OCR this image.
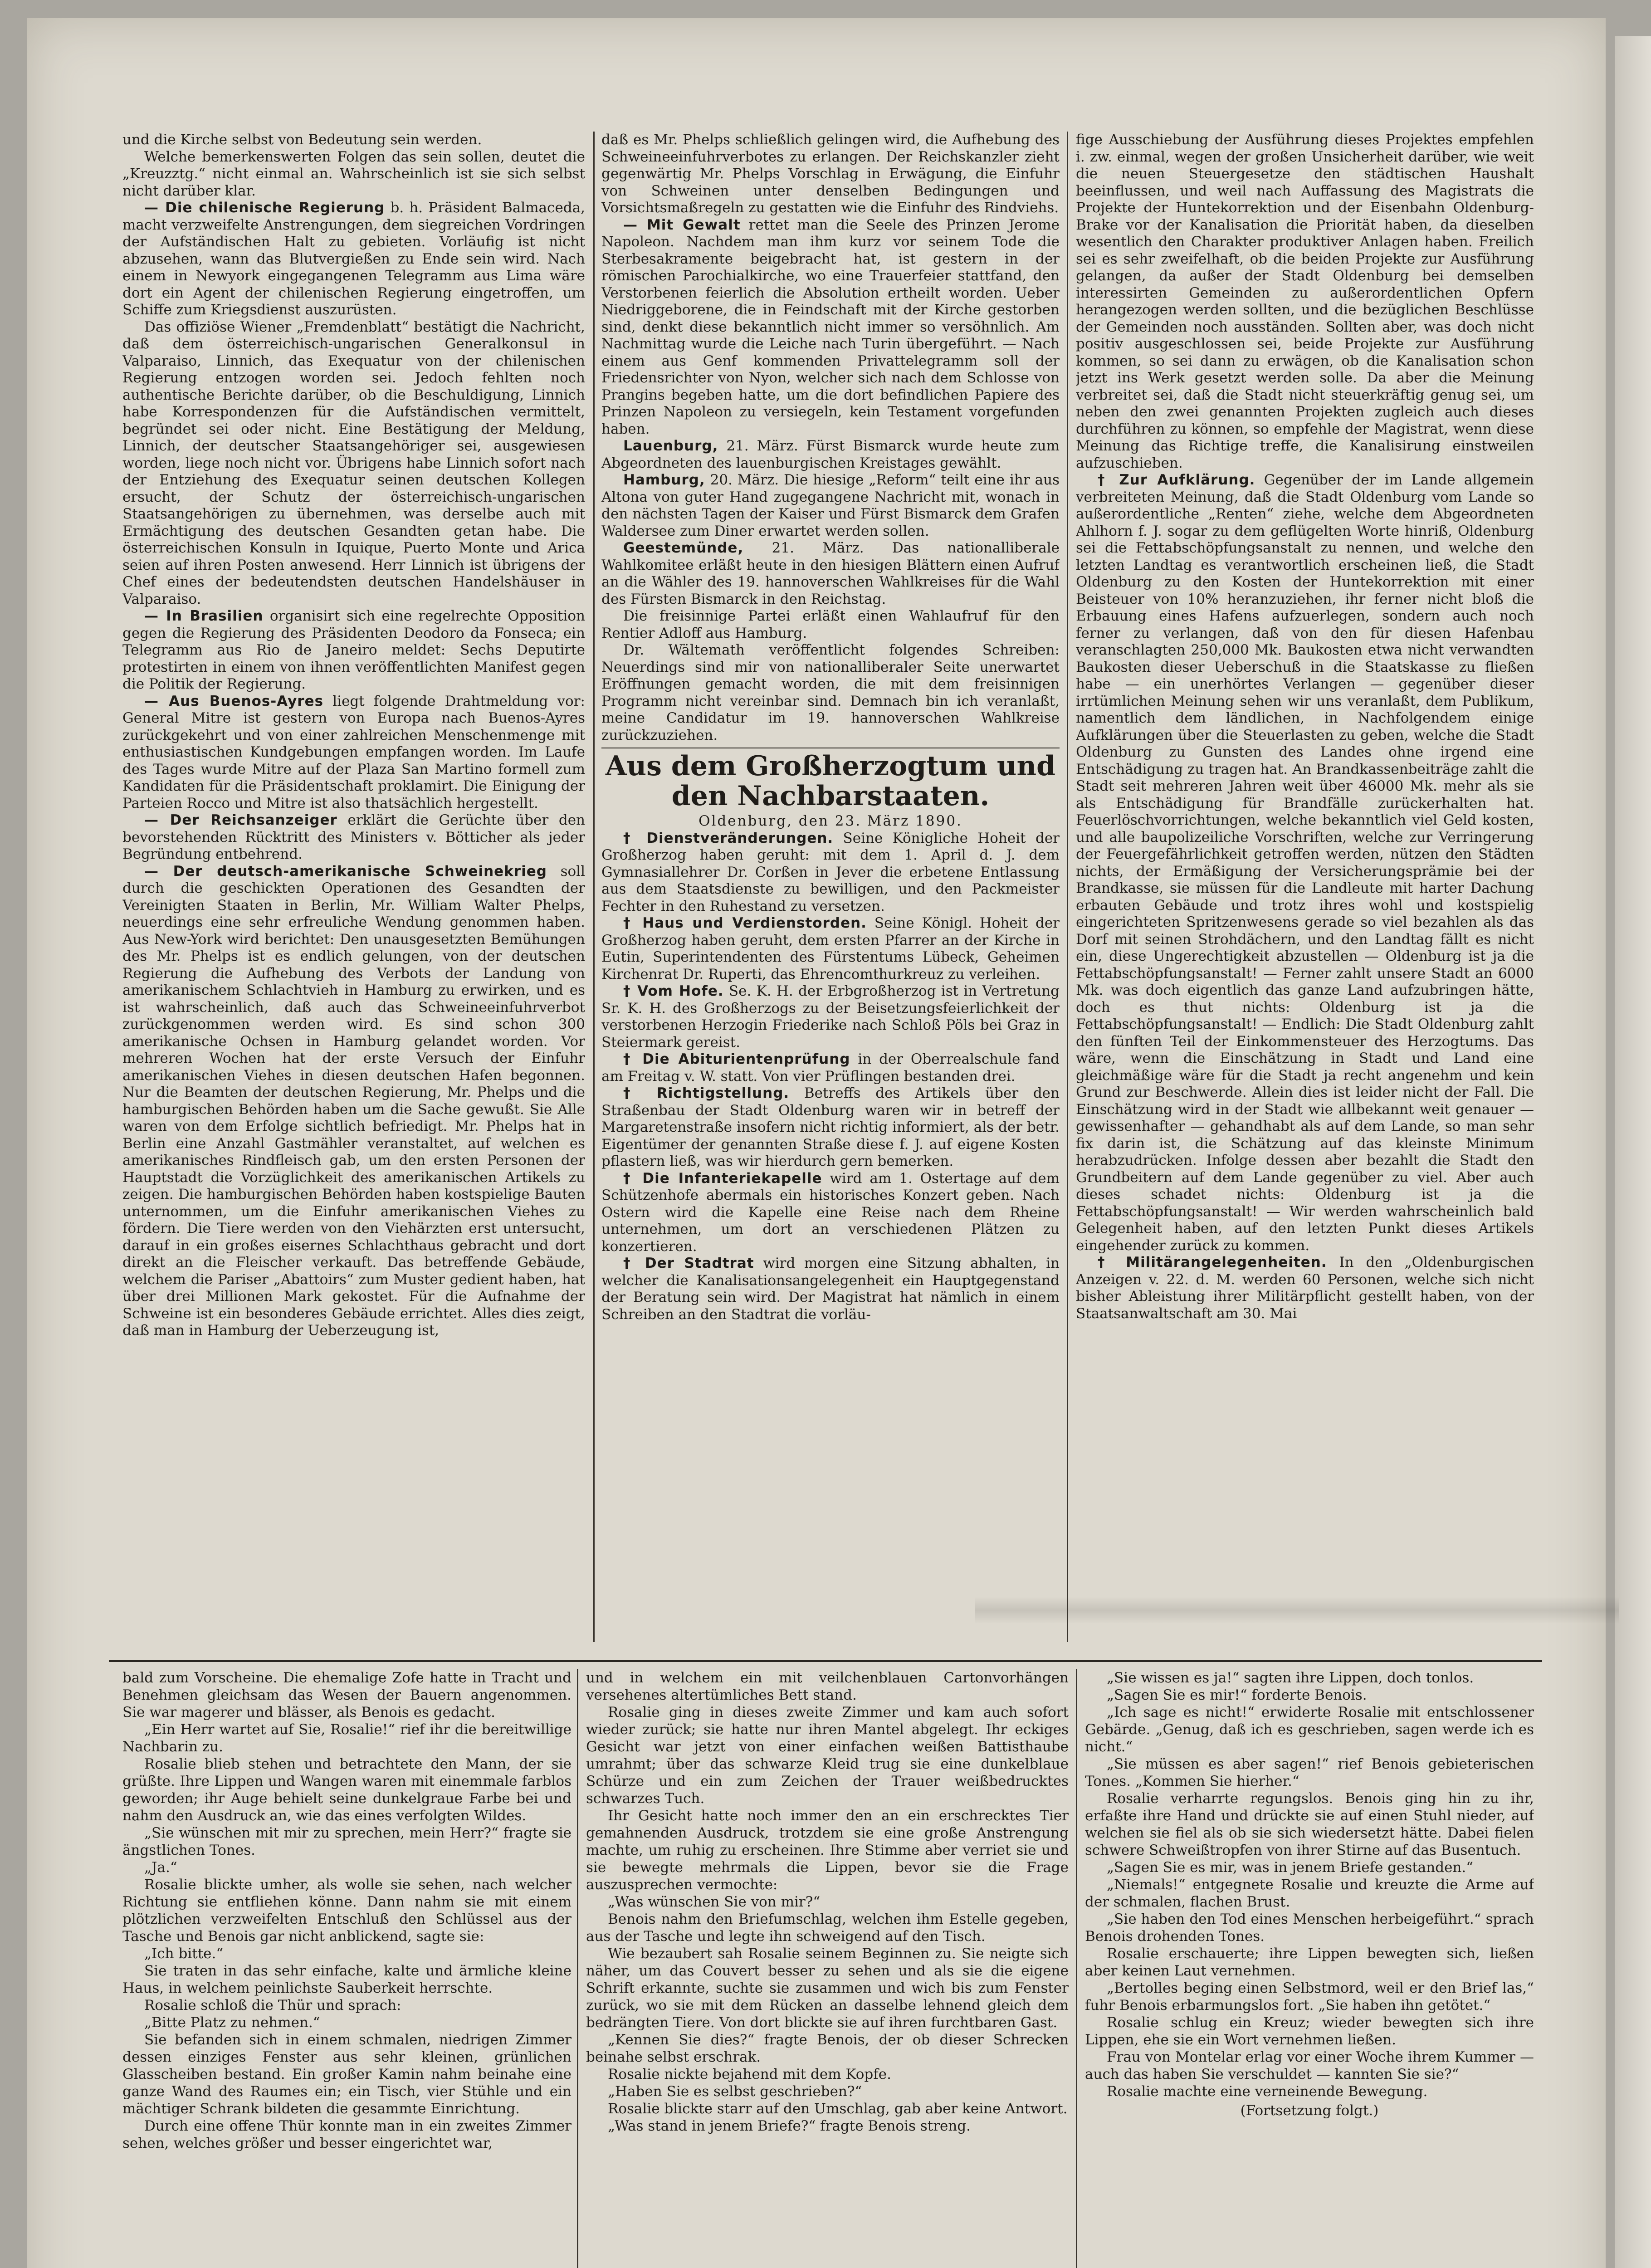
und die Kirche selbst von Bedeutung sein werden.

Welche bemerkenswerten Folgen das sein sollen, deutet die „Kreuzztg.“ nicht einmal an. Wahrscheinlich ist sie sich selbst nicht darüber klar.

— Die chilenische Regierung b. h. Präsident Balmaceda, macht verzweifelte Anstrengungen, dem siegreichen Vordringen der Aufständischen Halt zu gebieten. Vorläufig ist nicht abzusehen, wann das Blutvergießen zu Ende sein wird. Nach einem in Newyork eingegangenen Telegramm aus Lima wäre dort ein Agent der chilenischen Regierung eingetroffen, um Schiffe zum Kriegsdienst auszurüsten.

Das offiziöse Wiener „Fremdenblatt“ bestätigt die Nachricht, daß dem österreichisch-ungarischen Generalkonsul in Valparaiso, Linnich, das Exequatur von der chilenischen Regierung entzogen worden sei. Jedoch fehlten noch authentische Berichte darüber, ob die Beschuldigung, Linnich habe Korrespondenzen für die Aufständischen vermittelt, begründet sei oder nicht. Eine Bestätigung der Meldung, Linnich, der deutscher Staatsangehöriger sei, ausgewiesen worden, liege noch nicht vor. Übrigens habe Linnich sofort nach der Entziehung des Exequatur seinen deutschen Kollegen ersucht, der Schutz der österreichisch-ungarischen Staatsangehörigen zu übernehmen, was derselbe auch mit Ermächtigung des deutschen Gesandten getan habe. Die österreichischen Konsuln in Iquique, Puerto Monte und Arica seien auf ihren Posten anwesend. Herr Linnich ist übrigens der Chef eines der bedeutendsten deutschen Handelshäuser in Valparaiso.

— In Brasilien organisirt sich eine regelrechte Opposition gegen die Regierung des Präsidenten Deodoro da Fonseca; ein Telegramm aus Rio de Janeiro meldet: Sechs Deputirte protestirten in einem von ihnen veröffentlichten Manifest gegen die Politik der Regierung.

— Aus Buenos-Ayres liegt folgende Drahtmeldung vor: General Mitre ist gestern von Europa nach Buenos-Ayres zurückgekehrt und von einer zahlreichen Menschenmenge mit enthusiastischen Kundgebungen empfangen worden. Im Laufe des Tages wurde Mitre auf der Plaza San Martino formell zum Kandidaten für die Präsidentschaft proklamirt. Die Einigung der Parteien Rocco und Mitre ist also thatsächlich hergestellt.

— Der Reichsanzeiger erklärt die Gerüchte über den bevorstehenden Rücktritt des Ministers v. Bötticher als jeder Begründung entbehrend.

— Der deutsch-amerikanische Schweinekrieg soll durch die geschickten Operationen des Gesandten der Vereinigten Staaten in Berlin, Mr. William Walter Phelps, neuerdings eine sehr erfreuliche Wendung genommen haben. Aus New-York wird berichtet: Den unausgesetzten Bemühungen des Mr. Phelps ist es endlich gelungen, von der deutschen Regierung die Aufhebung des Verbots der Landung von amerikanischem Schlachtvieh in Hamburg zu erwirken, und es ist wahrscheinlich, daß auch das Schweineeinfuhrverbot zurückgenommen werden wird. Es sind schon 300 amerikanische Ochsen in Hamburg gelandet worden. Vor mehreren Wochen hat der erste Versuch der Einfuhr amerikanischen Viehes in diesen deutschen Hafen begonnen. Nur die Beamten der deutschen Regierung, Mr. Phelps und die hamburgischen Behörden haben um die Sache gewußt. Sie Alle waren von dem Erfolge sichtlich befriedigt. Mr. Phelps hat in Berlin eine Anzahl Gastmähler veranstaltet, auf welchen es amerikanisches Rindfleisch gab, um den ersten Personen der Hauptstadt die Vorzüglichkeit des amerikanischen Artikels zu zeigen. Die hamburgischen Behörden haben kostspielige Bauten unternommen, um die Einfuhr amerikanischen Viehes zu fördern. Die Tiere werden von den Viehärzten erst untersucht, darauf in ein großes eisernes Schlachthaus gebracht und dort direkt an die Fleischer verkauft. Das betreffende Gebäude, welchem die Pariser „Abattoirs“ zum Muster gedient haben, hat über drei Millionen Mark gekostet. Für die Aufnahme der Schweine ist ein besonderes Gebäude errichtet. Alles dies zeigt, daß man in Hamburg der Ueberzeugung ist,

daß es Mr. Phelps schließlich gelingen wird, die Aufhebung des Schweineeinfuhrverbotes zu erlangen. Der Reichskanzler zieht gegenwärtig Mr. Phelps Vorschlag in Erwägung, die Einfuhr von Schweinen unter denselben Bedingungen und Vorsichtsmaßregeln zu gestatten wie die Einfuhr des Rindviehs.

— Mit Gewalt rettet man die Seele des Prinzen Jerome Napoleon. Nachdem man ihm kurz vor seinem Tode die Sterbesakramente beigebracht hat, ist gestern in der römischen Parochialkirche, wo eine Trauerfeier stattfand, den Verstorbenen feierlich die Absolution ertheilt worden. Ueber Niedriggeborene, die in Feindschaft mit der Kirche gestorben sind, denkt diese bekanntlich nicht immer so versöhnlich. Am Nachmittag wurde die Leiche nach Turin übergeführt. — Nach einem aus Genf kommenden Privattelegramm soll der Friedensrichter von Nyon, welcher sich nach dem Schlosse von Prangins begeben hatte, um die dort befindlichen Papiere des Prinzen Napoleon zu versiegeln, kein Testament vorgefunden haben.

Lauenburg, 21. März. Fürst Bismarck wurde heute zum Abgeordneten des lauenburgischen Kreistages gewählt.

Hamburg, 20. März. Die hiesige „Reform“ teilt eine ihr aus Altona von guter Hand zugegangene Nachricht mit, wonach in den nächsten Tagen der Kaiser und Fürst Bismarck dem Grafen Waldersee zum Diner erwartet werden sollen.

Geestemünde, 21. März. Das nationalliberale Wahlkomitee erläßt heute in den hiesigen Blättern einen Aufruf an die Wähler des 19. hannoverschen Wahlkreises für die Wahl des Fürsten Bismarck in den Reichstag.

Die freisinnige Partei erläßt einen Wahlaufruf für den Rentier Adloff aus Hamburg.

Dr. Wältemath veröffentlicht folgendes Schreiben: Neuerdings sind mir von nationalliberaler Seite unerwartet Eröffnungen gemacht worden, die mit dem freisinnigen Programm nicht vereinbar sind. Demnach bin ich veranlaßt, meine Candidatur im 19. hannoverschen Wahlkreise zurückzuziehen.

Aus dem Großherzogtum und den Nachbarstaaten.

Oldenburg, den 23. März 1890.

† Dienstveränderungen. Seine Königliche Hoheit der Großherzog haben geruht: mit dem 1. April d. J. dem Gymnasiallehrer Dr. Corßen in Jever die erbetene Entlassung aus dem Staatsdienste zu bewilligen, und den Packmeister Fechter in den Ruhestand zu versetzen.

† Haus und Verdienstorden. Seine Königl. Hoheit der Großherzog haben geruht, dem ersten Pfarrer an der Kirche in Eutin, Superintendenten des Fürstentums Lübeck, Geheimen Kirchenrat Dr. Ruperti, das Ehrencomthurkreuz zu verleihen.

† Vom Hofe. Se. K. H. der Erbgroßherzog ist in Vertretung Sr. K. H. des Großherzogs zu der Beisetzungsfeierlichkeit der verstorbenen Herzogin Friederike nach Schloß Pöls bei Graz in Steiermark gereist.

† Die Abiturientenprüfung in der Oberrealschule fand am Freitag v. W. statt. Von vier Prüflingen bestanden drei.

† Richtigstellung. Betreffs des Artikels über den Straßenbau der Stadt Oldenburg waren wir in betreff der Margaretenstraße insofern nicht richtig informiert, als der betr. Eigentümer der genannten Straße diese f. J. auf eigene Kosten pflastern ließ, was wir hierdurch gern bemerken.

† Die Infanteriekapelle wird am 1. Ostertage auf dem Schützenhofe abermals ein historisches Konzert geben. Nach Ostern wird die Kapelle eine Reise nach dem Rheine unternehmen, um dort an verschiedenen Plätzen zu konzertieren.

† Der Stadtrat wird morgen eine Sitzung abhalten, in welcher die Kanalisationsangelegenheit ein Hauptgegenstand der Beratung sein wird. Der Magistrat hat nämlich in einem Schreiben an den Stadtrat die vorläu-

fige Ausschiebung der Ausführung dieses Projektes empfehlen i. zw. einmal, wegen der großen Unsicherheit darüber, wie weit die neuen Steuergesetze den städtischen Haushalt beeinflussen, und weil nach Auffassung des Magistrats die Projekte der Huntekorrektion und der Eisenbahn Oldenburg-Brake vor der Kanalisation die Priorität haben, da dieselben wesentlich den Charakter produktiver Anlagen haben. Freilich sei es sehr zweifelhaft, ob die beiden Projekte zur Ausführung gelangen, da außer der Stadt Oldenburg bei demselben interessirten Gemeinden zu außerordentlichen Opfern herangezogen werden sollten, und die bezüglichen Beschlüsse der Gemeinden noch ausständen. Sollten aber, was doch nicht positiv ausgeschlossen sei, beide Projekte zur Ausführung kommen, so sei dann zu erwägen, ob die Kanalisation schon jetzt ins Werk gesetzt werden solle. Da aber die Meinung verbreitet sei, daß die Stadt nicht steuerkräftig genug sei, um neben den zwei genannten Projekten zugleich auch dieses durchführen zu können, so empfehle der Magistrat, wenn diese Meinung das Richtige treffe, die Kanalisirung einstweilen aufzuschieben.

† Zur Aufklärung. Gegenüber der im Lande allgemein verbreiteten Meinung, daß die Stadt Oldenburg vom Lande so außerordentliche „Renten“ ziehe, welche dem Abgeordneten Ahlhorn f. J. sogar zu dem geflügelten Worte hinriß, Oldenburg sei die Fettabschöpfungsanstalt zu nennen, und welche den letzten Landtag es verantwortlich erscheinen ließ, die Stadt Oldenburg zu den Kosten der Huntekorrektion mit einer Beisteuer von 10% heranzuziehen, ihr ferner nicht bloß die Erbauung eines Hafens aufzuerlegen, sondern auch noch ferner zu verlangen, daß von den für diesen Hafenbau veranschlagten 250,000 Mk. Baukosten etwa nicht verwandten Baukosten dieser Ueberschuß in die Staatskasse zu fließen habe — ein unerhörtes Verlangen — gegenüber dieser irrtümlichen Meinung sehen wir uns veranlaßt, dem Publikum, namentlich dem ländlichen, in Nachfolgendem einige Aufklärungen über die Steuerlasten zu geben, welche die Stadt Oldenburg zu Gunsten des Landes ohne irgend eine Entschädigung zu tragen hat. An Brandkassenbeiträge zahlt die Stadt seit mehreren Jahren weit über 46000 Mk. mehr als sie als Entschädigung für Brandfälle zurückerhalten hat. Feuerlöschvorrichtungen, welche bekanntlich viel Geld kosten, und alle baupolizeiliche Vorschriften, welche zur Verringerung der Feuergefährlichkeit getroffen werden, nützen den Städten nichts, der Ermäßigung der Versicherungsprämie bei der Brandkasse, sie müssen für die Landleute mit harter Dachung erbauten Gebäude und trotz ihres wohl und kostspielig eingerichteten Spritzenwesens gerade so viel bezahlen als das Dorf mit seinen Strohdächern, und den Landtag fällt es nicht ein, diese Ungerechtigkeit abzustellen — Oldenburg ist ja die Fettabschöpfungsanstalt! — Ferner zahlt unsere Stadt an 6000 Mk. was doch eigentlich das ganze Land aufzubringen hätte, doch es thut nichts: Oldenburg ist ja die Fettabschöpfungsanstalt! — Endlich: Die Stadt Oldenburg zahlt den fünften Teil der Einkommensteuer des Herzogtums. Das wäre, wenn die Einschätzung in Stadt und Land eine gleichmäßige wäre für die Stadt ja recht angenehm und kein Grund zur Beschwerde. Allein dies ist leider nicht der Fall. Die Einschätzung wird in der Stadt wie allbekannt weit genauer — gewissenhafter — gehandhabt als auf dem Lande, so man sehr fix darin ist, die Schätzung auf das kleinste Minimum herabzudrücken. Infolge dessen aber bezahlt die Stadt den Grundbeitern auf dem Lande gegenüber zu viel. Aber auch dieses schadet nichts: Oldenburg ist ja die Fettabschöpfungsanstalt! — Wir werden wahrscheinlich bald Gelegenheit haben, auf den letzten Punkt dieses Artikels eingehender zurück zu kommen.

† Militärangelegenheiten. In den „Oldenburgischen Anzeigen v. 22. d. M. werden 60 Personen, welche sich nicht bisher Ableistung ihrer Militärpflicht gestellt haben, von der Staatsanwaltschaft am 30. Mai

bald zum Vorscheine. Die ehemalige Zofe hatte in Tracht und Benehmen gleichsam das Wesen der Bauern angenommen. Sie war magerer und blässer, als Benois es gedacht.

„Ein Herr wartet auf Sie, Rosalie!“ rief ihr die bereitwillige Nachbarin zu.

Rosalie blieb stehen und betrachtete den Mann, der sie grüßte. Ihre Lippen und Wangen waren mit einemmale farblos geworden; ihr Auge behielt seine dunkelgraue Farbe bei und nahm den Ausdruck an, wie das eines verfolgten Wildes.

„Sie wünschen mit mir zu sprechen, mein Herr?“ fragte sie ängstlichen Tones.

„Ja.“

Rosalie blickte umher, als wolle sie sehen, nach welcher Richtung sie entfliehen könne. Dann nahm sie mit einem plötzlichen verzweifelten Entschluß den Schlüssel aus der Tasche und Benois gar nicht anblickend, sagte sie:

„Ich bitte.“

Sie traten in das sehr einfache, kalte und ärmliche kleine Haus, in welchem peinlichste Sauberkeit herrschte.

Rosalie schloß die Thür und sprach:

„Bitte Platz zu nehmen.“

Sie befanden sich in einem schmalen, niedrigen Zimmer dessen einziges Fenster aus sehr kleinen, grünlichen Glasscheiben bestand. Ein großer Kamin nahm beinahe eine ganze Wand des Raumes ein; ein Tisch, vier Stühle und ein mächtiger Schrank bildeten die gesammte Einrichtung.

Durch eine offene Thür konnte man in ein zweites Zimmer sehen, welches größer und besser eingerichtet war,

und in welchem ein mit veilchenblauen Cartonvorhängen versehenes altertümliches Bett stand.

Rosalie ging in dieses zweite Zimmer und kam auch sofort wieder zurück; sie hatte nur ihren Mantel abgelegt. Ihr eckiges Gesicht war jetzt von einer einfachen weißen Battisthaube umrahmt; über das schwarze Kleid trug sie eine dunkelblaue Schürze und ein zum Zeichen der Trauer weißbedrucktes schwarzes Tuch.

Ihr Gesicht hatte noch immer den an ein erschrecktes Tier gemahnenden Ausdruck, trotzdem sie eine große Anstrengung machte, um ruhig zu erscheinen. Ihre Stimme aber verriet sie und sie bewegte mehrmals die Lippen, bevor sie die Frage auszusprechen vermochte:

„Was wünschen Sie von mir?“

Benois nahm den Briefumschlag, welchen ihm Estelle gegeben, aus der Tasche und legte ihn schweigend auf den Tisch.

Wie bezaubert sah Rosalie seinem Beginnen zu. Sie neigte sich näher, um das Couvert besser zu sehen und als sie die eigene Schrift erkannte, suchte sie zusammen und wich bis zum Fenster zurück, wo sie mit dem Rücken an dasselbe lehnend gleich dem bedrängten Tiere. Von dort blickte sie auf ihren furchtbaren Gast.

„Kennen Sie dies?“ fragte Benois, der ob dieser Schrecken beinahe selbst erschrak.

Rosalie nickte bejahend mit dem Kopfe.

„Haben Sie es selbst geschrieben?“

Rosalie blickte starr auf den Umschlag, gab aber keine Antwort.

„Was stand in jenem Briefe?“ fragte Benois streng.

„Sie wissen es ja!“ sagten ihre Lippen, doch tonlos.

„Sagen Sie es mir!“ forderte Benois.

„Ich sage es nicht!“ erwiderte Rosalie mit entschlossener Gebärde. „Genug, daß ich es geschrieben, sagen werde ich es nicht.“

„Sie müssen es aber sagen!“ rief Benois gebieterischen Tones. „Kommen Sie hierher.“

Rosalie verharrte regungslos. Benois ging hin zu ihr, erfaßte ihre Hand und drückte sie auf einen Stuhl nieder, auf welchen sie fiel als ob sie sich wiedersetzt hätte. Dabei fielen schwere Schweißtropfen von ihrer Stirne auf das Busentuch.

„Sagen Sie es mir, was in jenem Briefe gestanden.“

„Niemals!“ entgegnete Rosalie und kreuzte die Arme auf der schmalen, flachen Brust.

„Sie haben den Tod eines Menschen herbeigeführt.“ sprach Benois drohenden Tones.

Rosalie erschauerte; ihre Lippen bewegten sich, ließen aber keinen Laut vernehmen.

„Bertolles beging einen Selbstmord, weil er den Brief las,“ fuhr Benois erbarmungslos fort. „Sie haben ihn getötet.“

Rosalie schlug ein Kreuz; wieder bewegten sich ihre Lippen, ehe sie ein Wort vernehmen ließen.

Frau von Montelar erlag vor einer Woche ihrem Kummer — auch das haben Sie verschuldet — kannten Sie sie?“

Rosalie machte eine verneinende Bewegung.

(Fortsetzung folgt.)
